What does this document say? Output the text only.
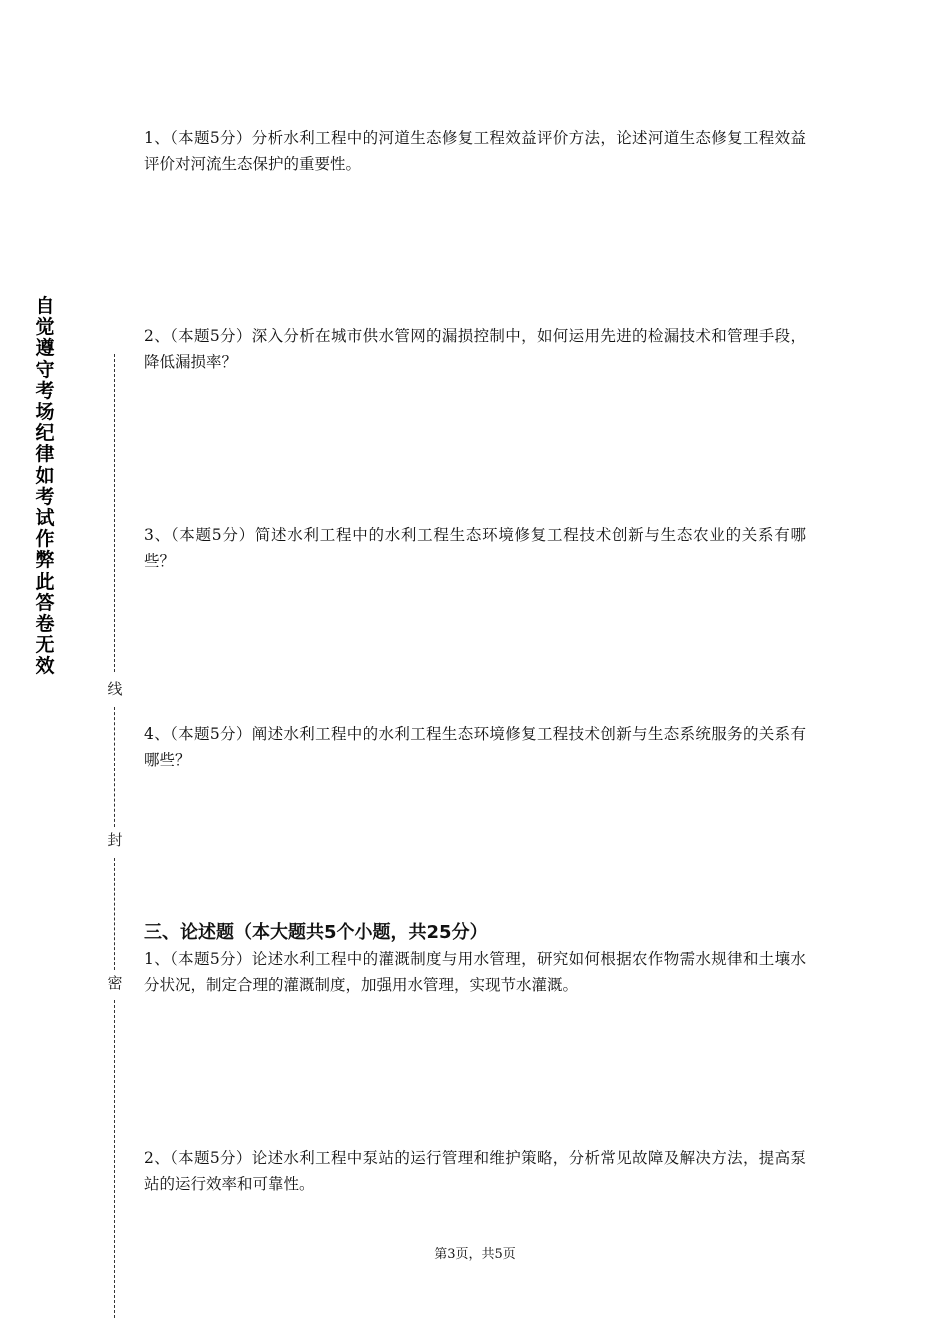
自觉遵守考场纪律如考试作弊此答卷无效
线
封
密

1、（本题5分）分析水利工程中的河道生态修复工程效益评价方法，论述河道生态修复工程效益评价对河流生态保护的重要性。

2、（本题5分）深入分析在城市供水管网的漏损控制中，如何运用先进的检漏技术和管理手段，降低漏损率？

3、（本题5分）简述水利工程中的水利工程生态环境修复工程技术创新与生态农业的关系有哪些？

4、（本题5分）阐述水利工程中的水利工程生态环境修复工程技术创新与生态系统服务的关系有哪些？

三、论述题（本大题共5个小题，共25分）

1、（本题5分）论述水利工程中的灌溉制度与用水管理，研究如何根据农作物需水规律和土壤水分状况，制定合理的灌溉制度，加强用水管理，实现节水灌溉。

2、（本题5分）论述水利工程中泵站的运行管理和维护策略，分析常见故障及解决方法，提高泵站的运行效率和可靠性。

第3页，共5页
